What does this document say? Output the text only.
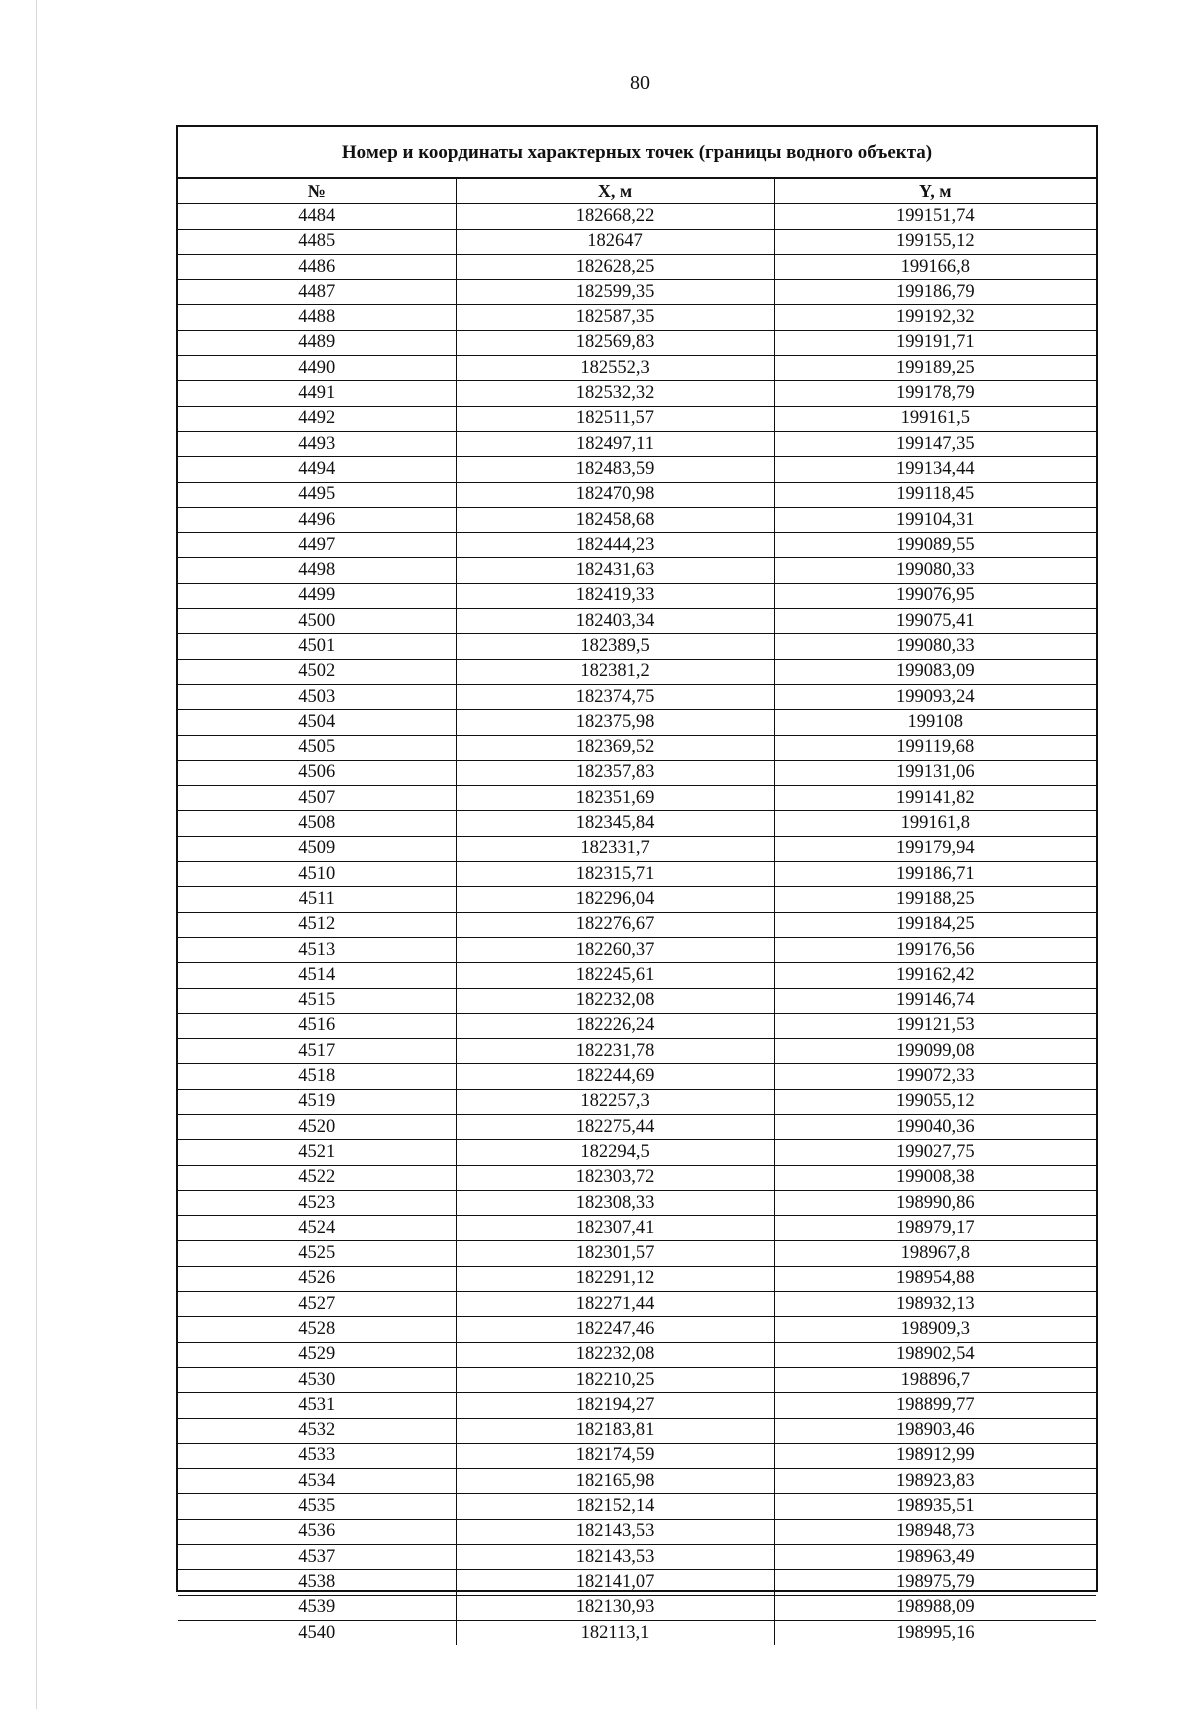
80
Номер и координаты характерных точек (границы водного объекта)
№	X, м	Y, м
4484	182668,22	199151,74
4485	182647	199155,12
4486	182628,25	199166,8
4487	182599,35	199186,79
4488	182587,35	199192,32
4489	182569,83	199191,71
4490	182552,3	199189,25
4491	182532,32	199178,79
4492	182511,57	199161,5
4493	182497,11	199147,35
4494	182483,59	199134,44
4495	182470,98	199118,45
4496	182458,68	199104,31
4497	182444,23	199089,55
4498	182431,63	199080,33
4499	182419,33	199076,95
4500	182403,34	199075,41
4501	182389,5	199080,33
4502	182381,2	199083,09
4503	182374,75	199093,24
4504	182375,98	199108
4505	182369,52	199119,68
4506	182357,83	199131,06
4507	182351,69	199141,82
4508	182345,84	199161,8
4509	182331,7	199179,94
4510	182315,71	199186,71
4511	182296,04	199188,25
4512	182276,67	199184,25
4513	182260,37	199176,56
4514	182245,61	199162,42
4515	182232,08	199146,74
4516	182226,24	199121,53
4517	182231,78	199099,08
4518	182244,69	199072,33
4519	182257,3	199055,12
4520	182275,44	199040,36
4521	182294,5	199027,75
4522	182303,72	199008,38
4523	182308,33	198990,86
4524	182307,41	198979,17
4525	182301,57	198967,8
4526	182291,12	198954,88
4527	182271,44	198932,13
4528	182247,46	198909,3
4529	182232,08	198902,54
4530	182210,25	198896,7
4531	182194,27	198899,77
4532	182183,81	198903,46
4533	182174,59	198912,99
4534	182165,98	198923,83
4535	182152,14	198935,51
4536	182143,53	198948,73
4537	182143,53	198963,49
4538	182141,07	198975,79
4539	182130,93	198988,09
4540	182113,1	198995,16
